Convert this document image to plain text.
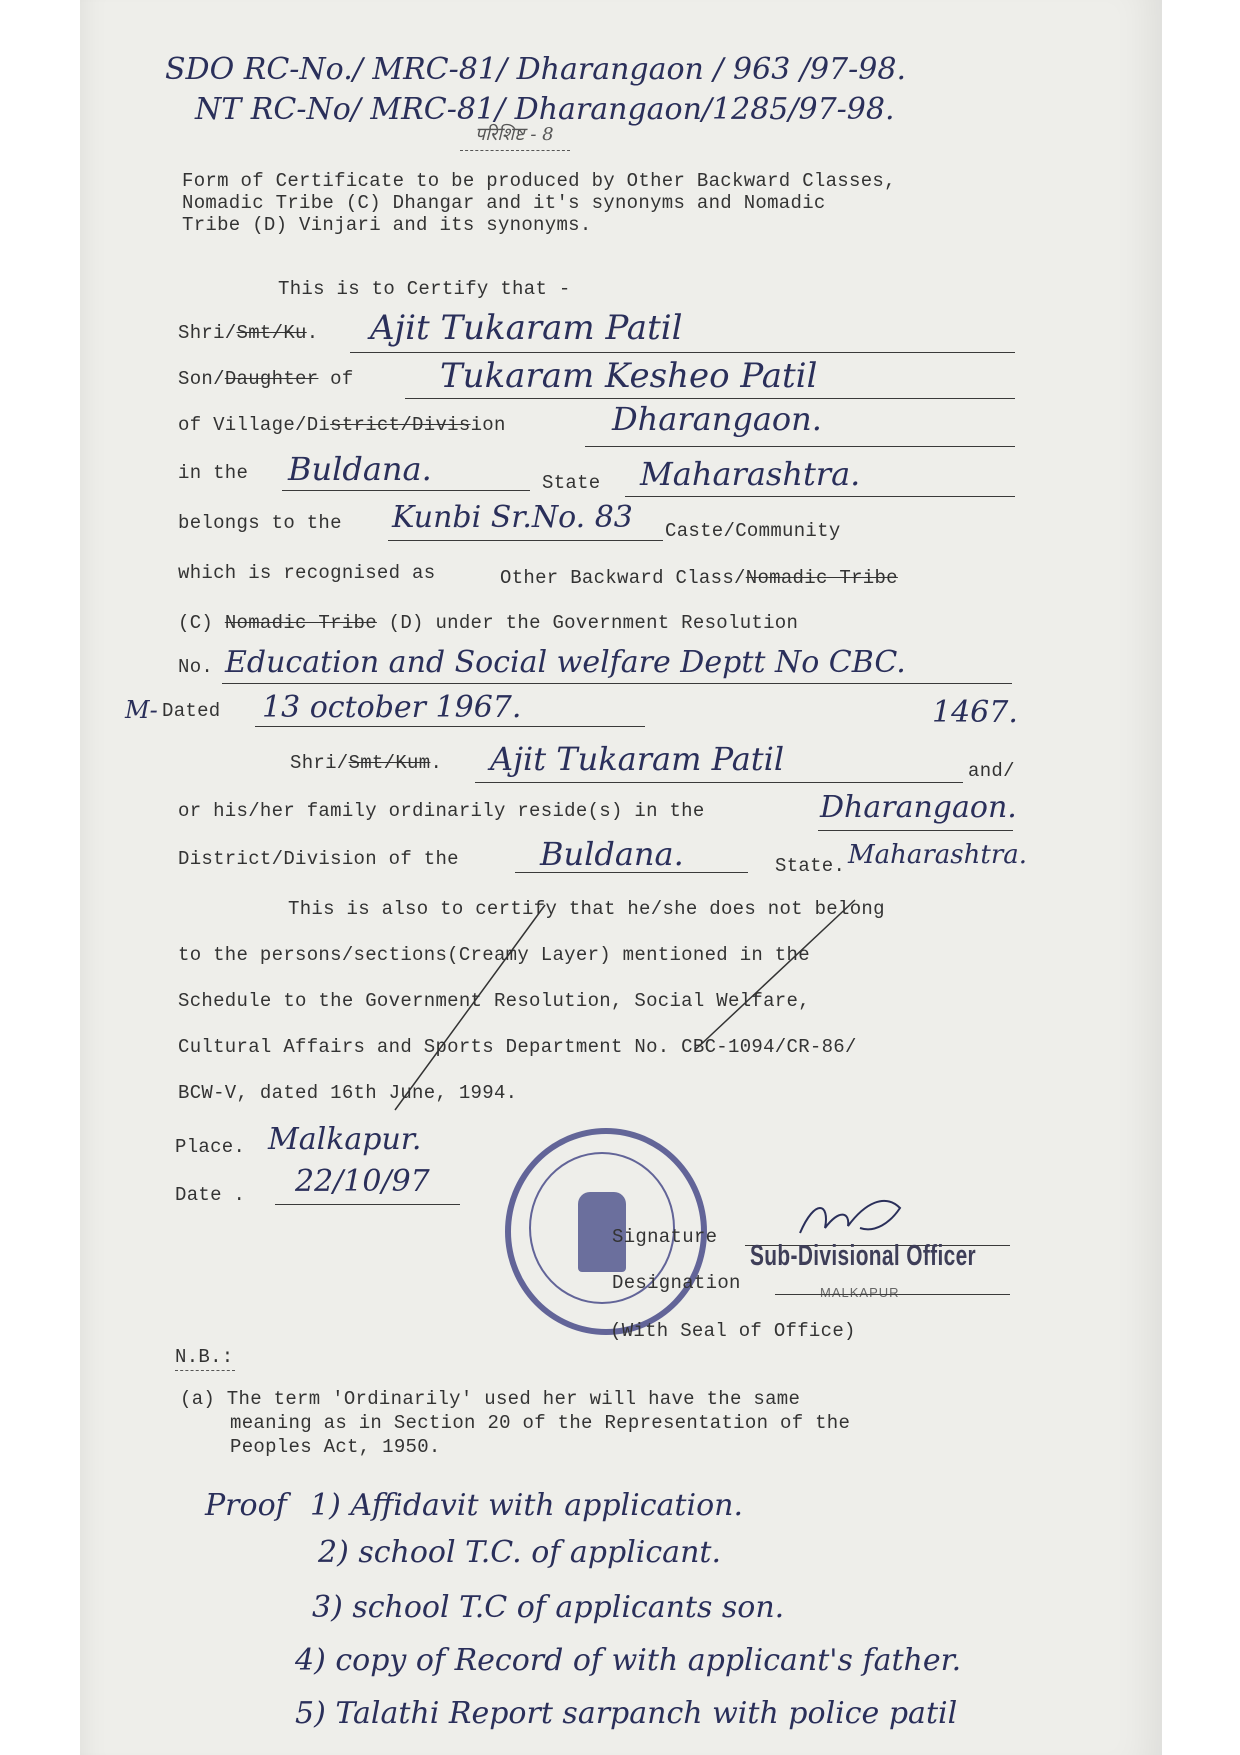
SDO RC-No./ MRC-81/ Dharangaon / 963 /97-98.
NT RC-No/ MRC-81/ Dharangaon/1285/97-98.
परिशिष्ट - 8
Form of Certificate to be produced by Other Backward Classes,
Nomadic Tribe (C) Dhangar and it's synonyms and Nomadic
Tribe (D) Vinjari and its synonyms.
This is to Certify that -
Shri/Smt/Ku. Ajit Tukaram Patil
Son/Daughter of	Tukaram Kesheo Patil
of Village/District/Division	Dharangaon.
in the Buldana.	State Maharashtra.
belongs to the Kunbi Sr.No. 83 Caste/Community
which is recognised as	Other Backward Class/Nomadic Tribe
(C) Nomadic Tribe (D) under the Government Resolution
No. Education and Social welfare Deptt No CBC.
M- Dated 13 october 1967.	1467.
Shri/Smt/Kum. Ajit Tukaram Patil	and/
or his/her family ordinarily reside(s) in the	Dharangaon.
District/Division of the	Buldana.	State. Maharashtra.
This is also to certify that he/she does not belong
to the persons/sections(Creamy Layer) mentioned in the
Schedule to the Government Resolution, Social Welfare,
Cultural Affairs and Sports Department No. CBC-1094/CR-86/
BCW-V, dated 16th June, 1994.
Place. Malkapur.
Date . 22/10/97
Signature
Designation
Sub-Divisional Officer
MALKAPUR
(With Seal of Office)
N.B.:
(a) The term 'Ordinarily' used her will have the same
meaning as in Section 20 of the Representation of the
Peoples Act, 1950.
Proof 1) Affidavit with application.
2) school T.C. of applicant.
3) school T.C of applicants son.
4) copy of Record of with applicant's father.
5) Talathi Report sarpanch with police patil
